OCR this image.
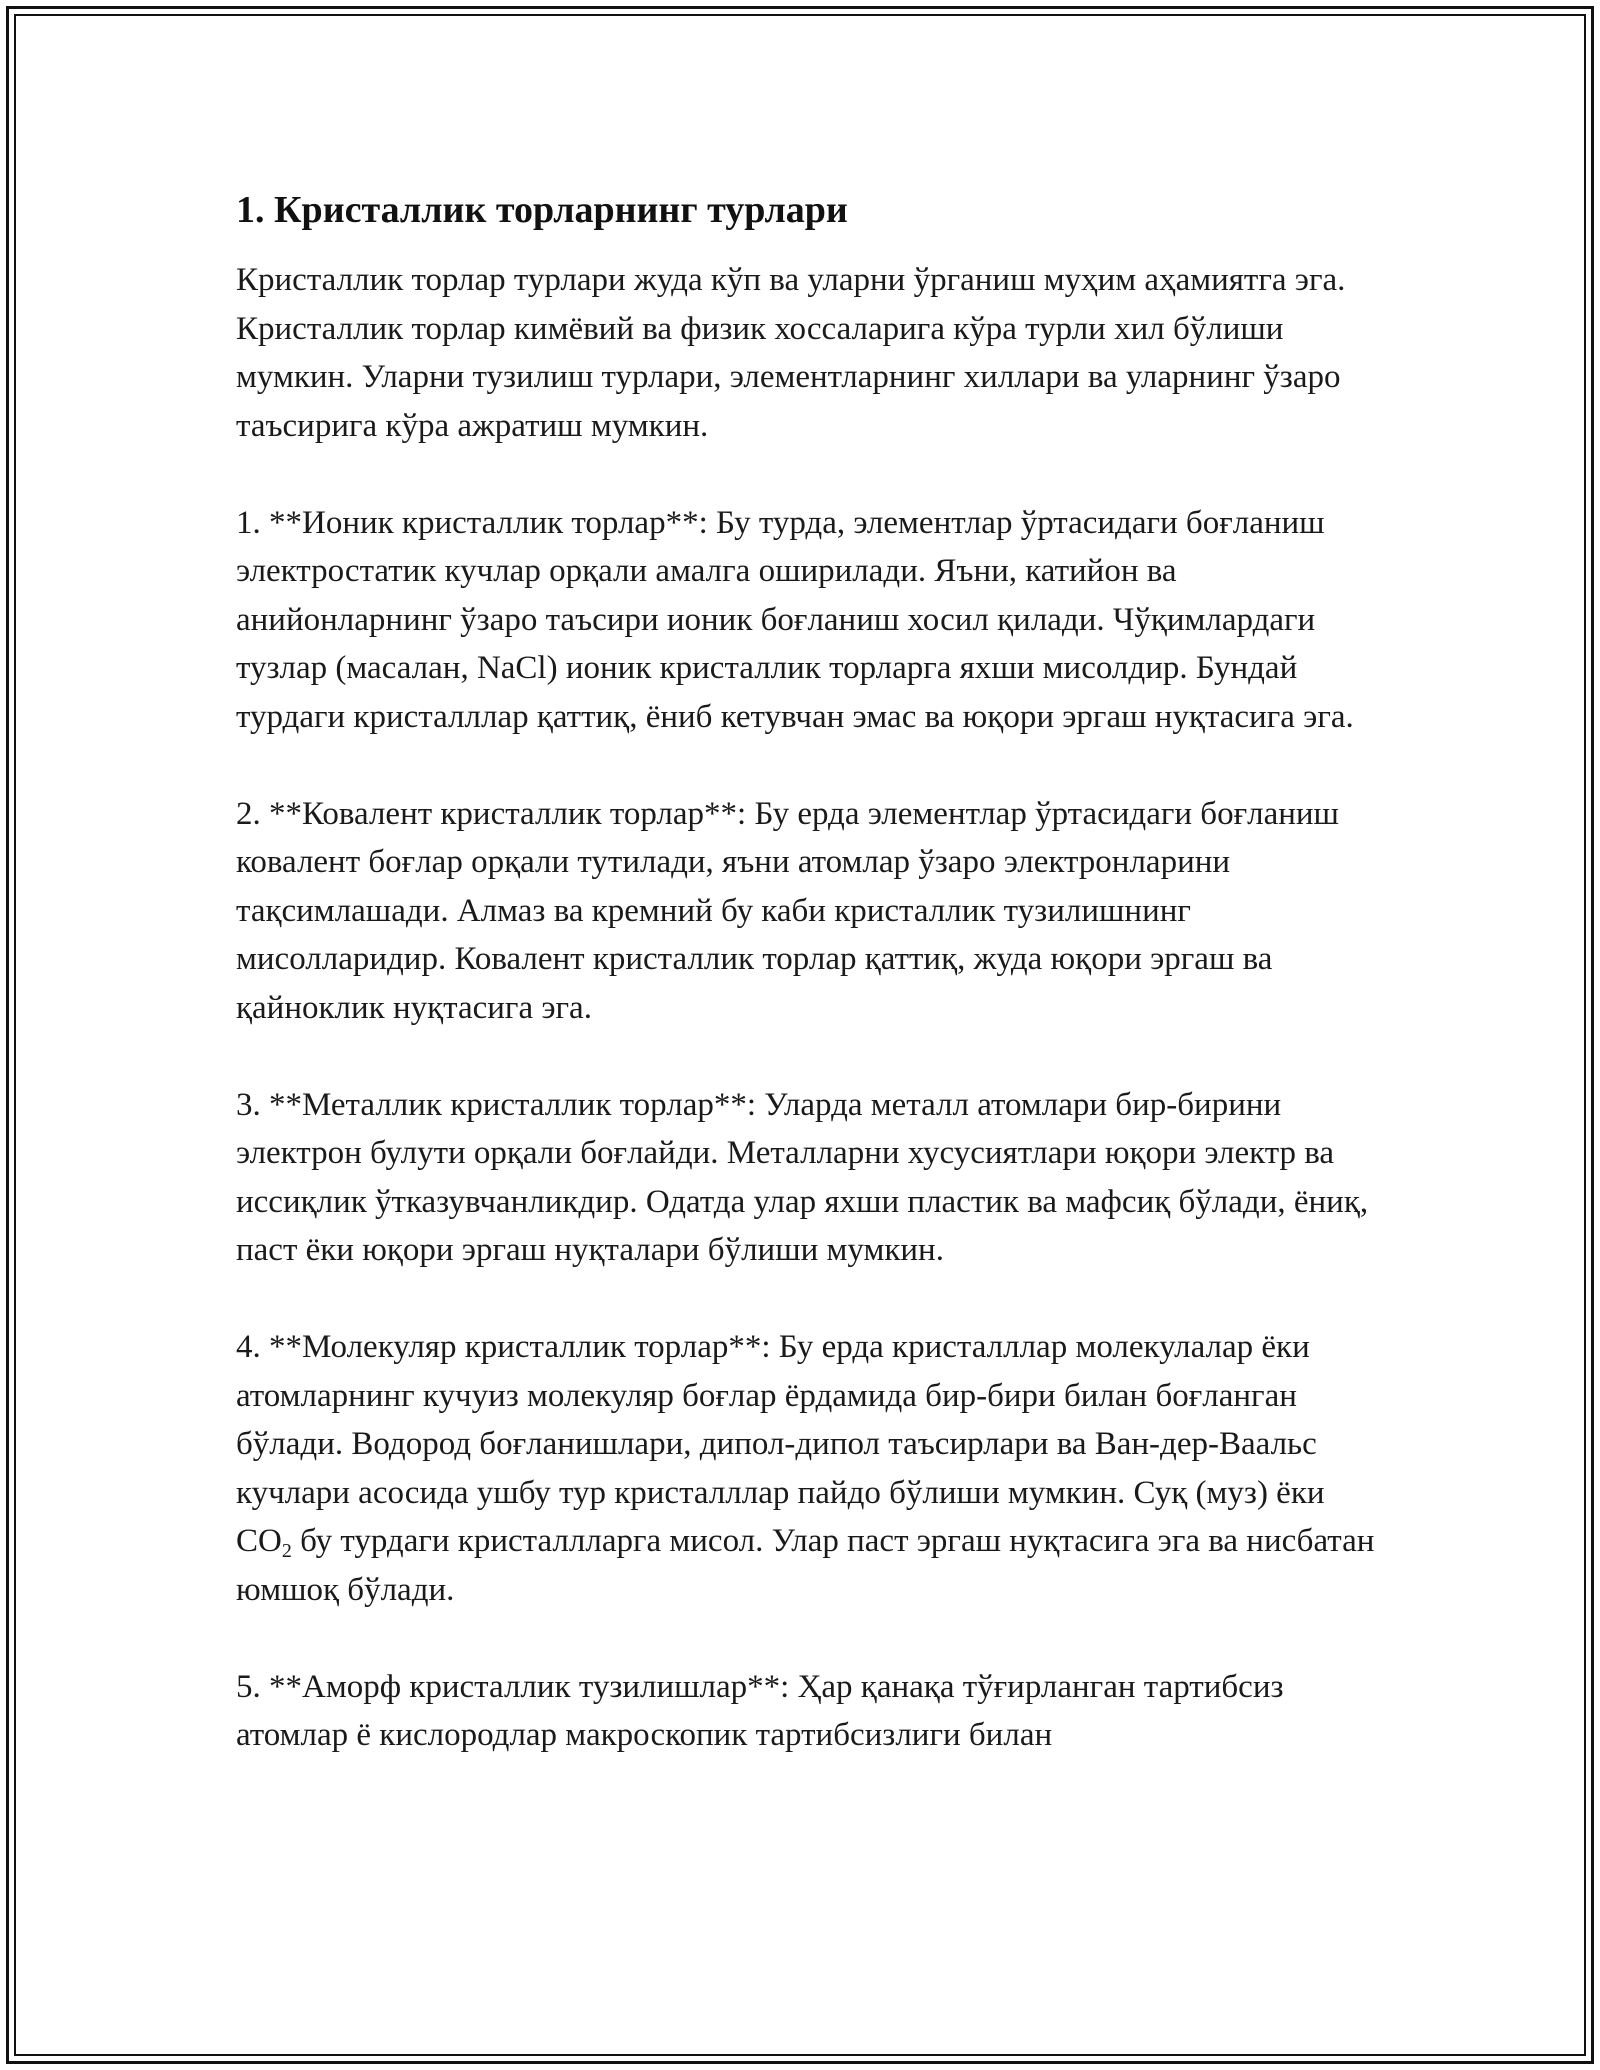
1. Кристаллик торларнинг турлари

Кристаллик торлар турлари жуда кўп ва уларни ўрганиш муҳим аҳамиятга эга. Кристаллик торлар кимёвий ва физик хоссаларига кўра турли хил бўлиши мумкин. Уларни тузилиш турлари, элементларнинг хиллари ва уларнинг ўзаро таъсирига кўра ажратиш мумкин.

1. **Ионик кристаллик торлар**: Бу турда, элементлар ўртасидаги боғланиш электростатик кучлар орқали амалга оширилади. Яъни, катийон ва анийонларнинг ўзаро таъсири ионик боғланиш хосил қилади. Чўқимлардаги тузлар (масалан, NaCl) ионик кристаллик торларга яхши мисолдир. Бундай турдаги кристалллар қаттиқ, ёниб кетувчан эмас ва юқори эргаш нуқтасига эга.

2. **Ковалент кристаллик торлар**: Бу ерда элементлар ўртасидаги боғланиш ковалент боғлар орқали тутилади, яъни атомлар ўзаро электронларини тақсимлашади. Алмаз ва кремний бу каби кристаллик тузилишнинг мисолларидир. Ковалент кристаллик торлар қаттиқ, жуда юқори эргаш ва қайноклик нуқтасига эга.

3. **Металлик кристаллик торлар**: Уларда металл атомлари бир-бирини электрон булути орқали боғлайди. Металларни хусусиятлари юқори электр ва иссиқлик ўтказувчанликдир. Одатда улар яхши пластик ва мафсиқ бўлади, ёниқ, паст ёки юқори эргаш нуқталари бўлиши мумкин.

4. **Молекуляр кристаллик торлар**: Бу ерда кристалллар молекулалар ёки атомларнинг кучуиз молекуляр боғлар ёрдамида бир-бири билан боғланган бўлади. Водород боғланишлари, дипол-дипол таъсирлари ва Ван-дер-Ваальс кучлари асосида ушбу тур кристалллар пайдо бўлиши мумкин. Суқ (муз) ёки $CO_2$ бу турдаги кристаллларга мисол. Улар паст эргаш нуқтасига эга ва нисбатан юмшоқ бўлади.

5. **Аморф кристаллик тузилишлар**: Ҳар қанақа тўғирланган тартибсиз атомлар ё кислородлар макроскопик тартибсизлиги билан
